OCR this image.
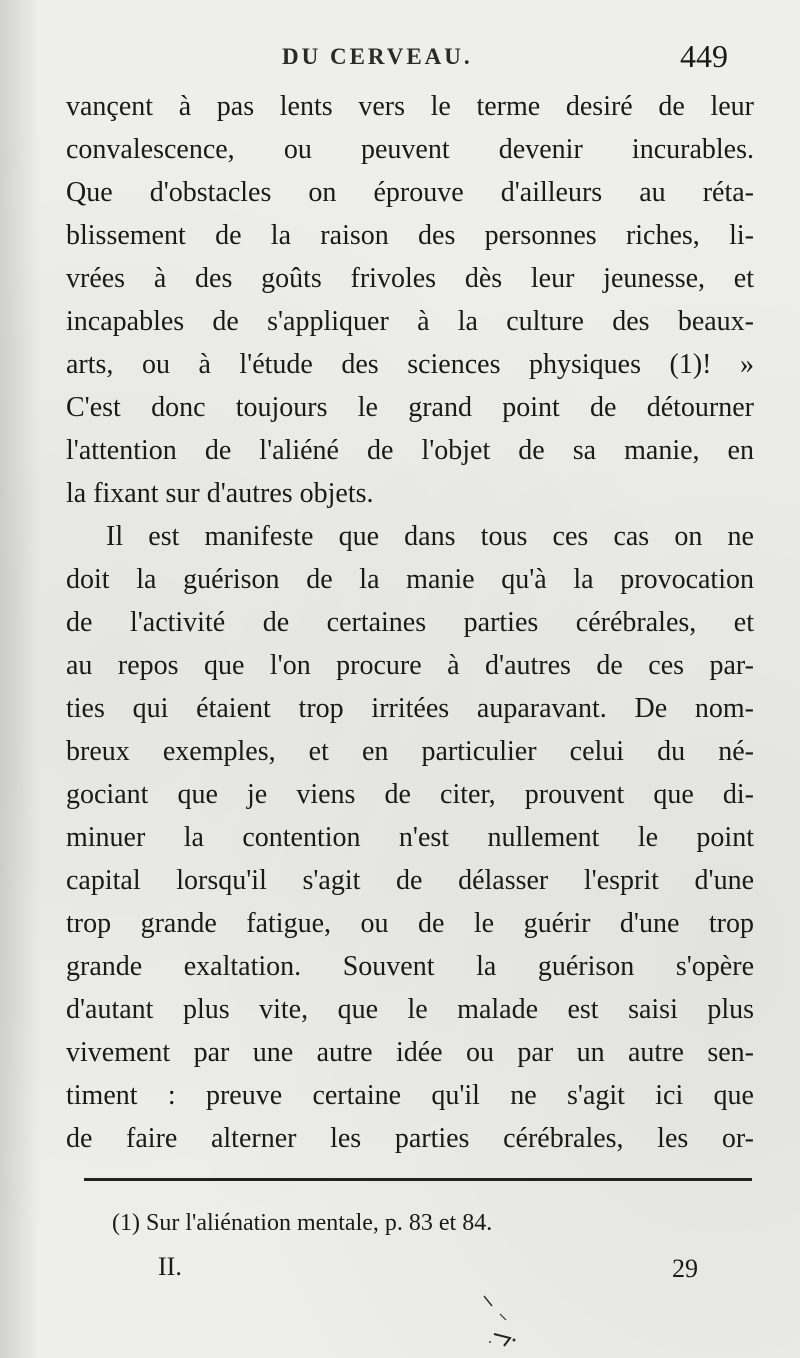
DU CERVEAU.	449
vançent à pas lents vers le terme desiré de leur
convalescence, ou peuvent devenir incurables.
Que d'obstacles on éprouve d'ailleurs au réta-
blissement de la raison des personnes riches, li-
vrées à des goûts frivoles dès leur jeunesse, et
incapables de s'appliquer à la culture des beaux-
arts, ou à l'étude des sciences physiques (1)! »
C'est donc toujours le grand point de détourner
l'attention de l'aliéné de l'objet de sa manie, en
la fixant sur d'autres objets.
Il est manifeste que dans tous ces cas on ne
doit la guérison de la manie qu'à la provocation
de l'activité de certaines parties cérébrales, et
au repos que l'on procure à d'autres de ces par-
ties qui étaient trop irritées auparavant. De nom-
breux exemples, et en particulier celui du né-
gociant que je viens de citer, prouvent que di-
minuer la contention n'est nullement le point
capital lorsqu'il s'agit de délasser l'esprit d'une
trop grande fatigue, ou de le guérir d'une trop
grande exaltation. Souvent la guérison s'opère
d'autant plus vite, que le malade est saisi plus
vivement par une autre idée ou par un autre sen-
timent : preuve certaine qu'il ne s'agit ici que
de faire alterner les parties cérébrales, les or-
(1) Sur l'aliénation mentale, p. 83 et 84.
II.	29
